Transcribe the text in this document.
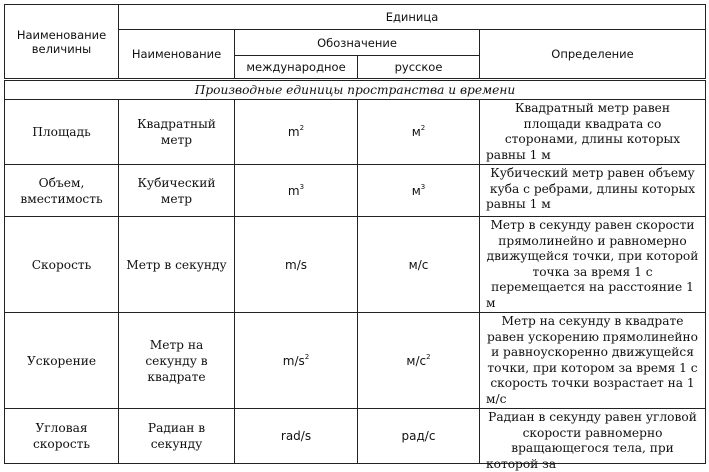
Наименование величины	Единица			
	Наименование	Обозначение		Определение
		международное	русское	
Производные единицы пространства и времени				
Площадь	Квадратный метр	$m^2$	$м^2$	Квадратный метр равен площади квадрата со сторонами, длины которых равны 1 м
Объем, вместимость	Кубический метр	$m^3$	$м^3$	Кубический метр равен объему куба с ребрами, длины которых равны 1 м
Скорость	Метр в секунду	m/s	м/с	Метр в секунду равен скорости прямолинейно и равномерно движущейся точки, при которой точка за время 1 с перемещается на расстояние 1 м
Ускорение	Метр на секунду в квадрате	$m/s^2$	$м/с^2$	Метр на секунду в квадрате равен ускорению прямолинейно и равноускоренно движущейся точки, при котором за время 1 с скорость точки возрастает на 1 м/с
Угловая скорость	Радиан в секунду	rad/s	рад/с	Радиан в секунду равен угловой скорости равномерно вращающегося тела, при которой за
